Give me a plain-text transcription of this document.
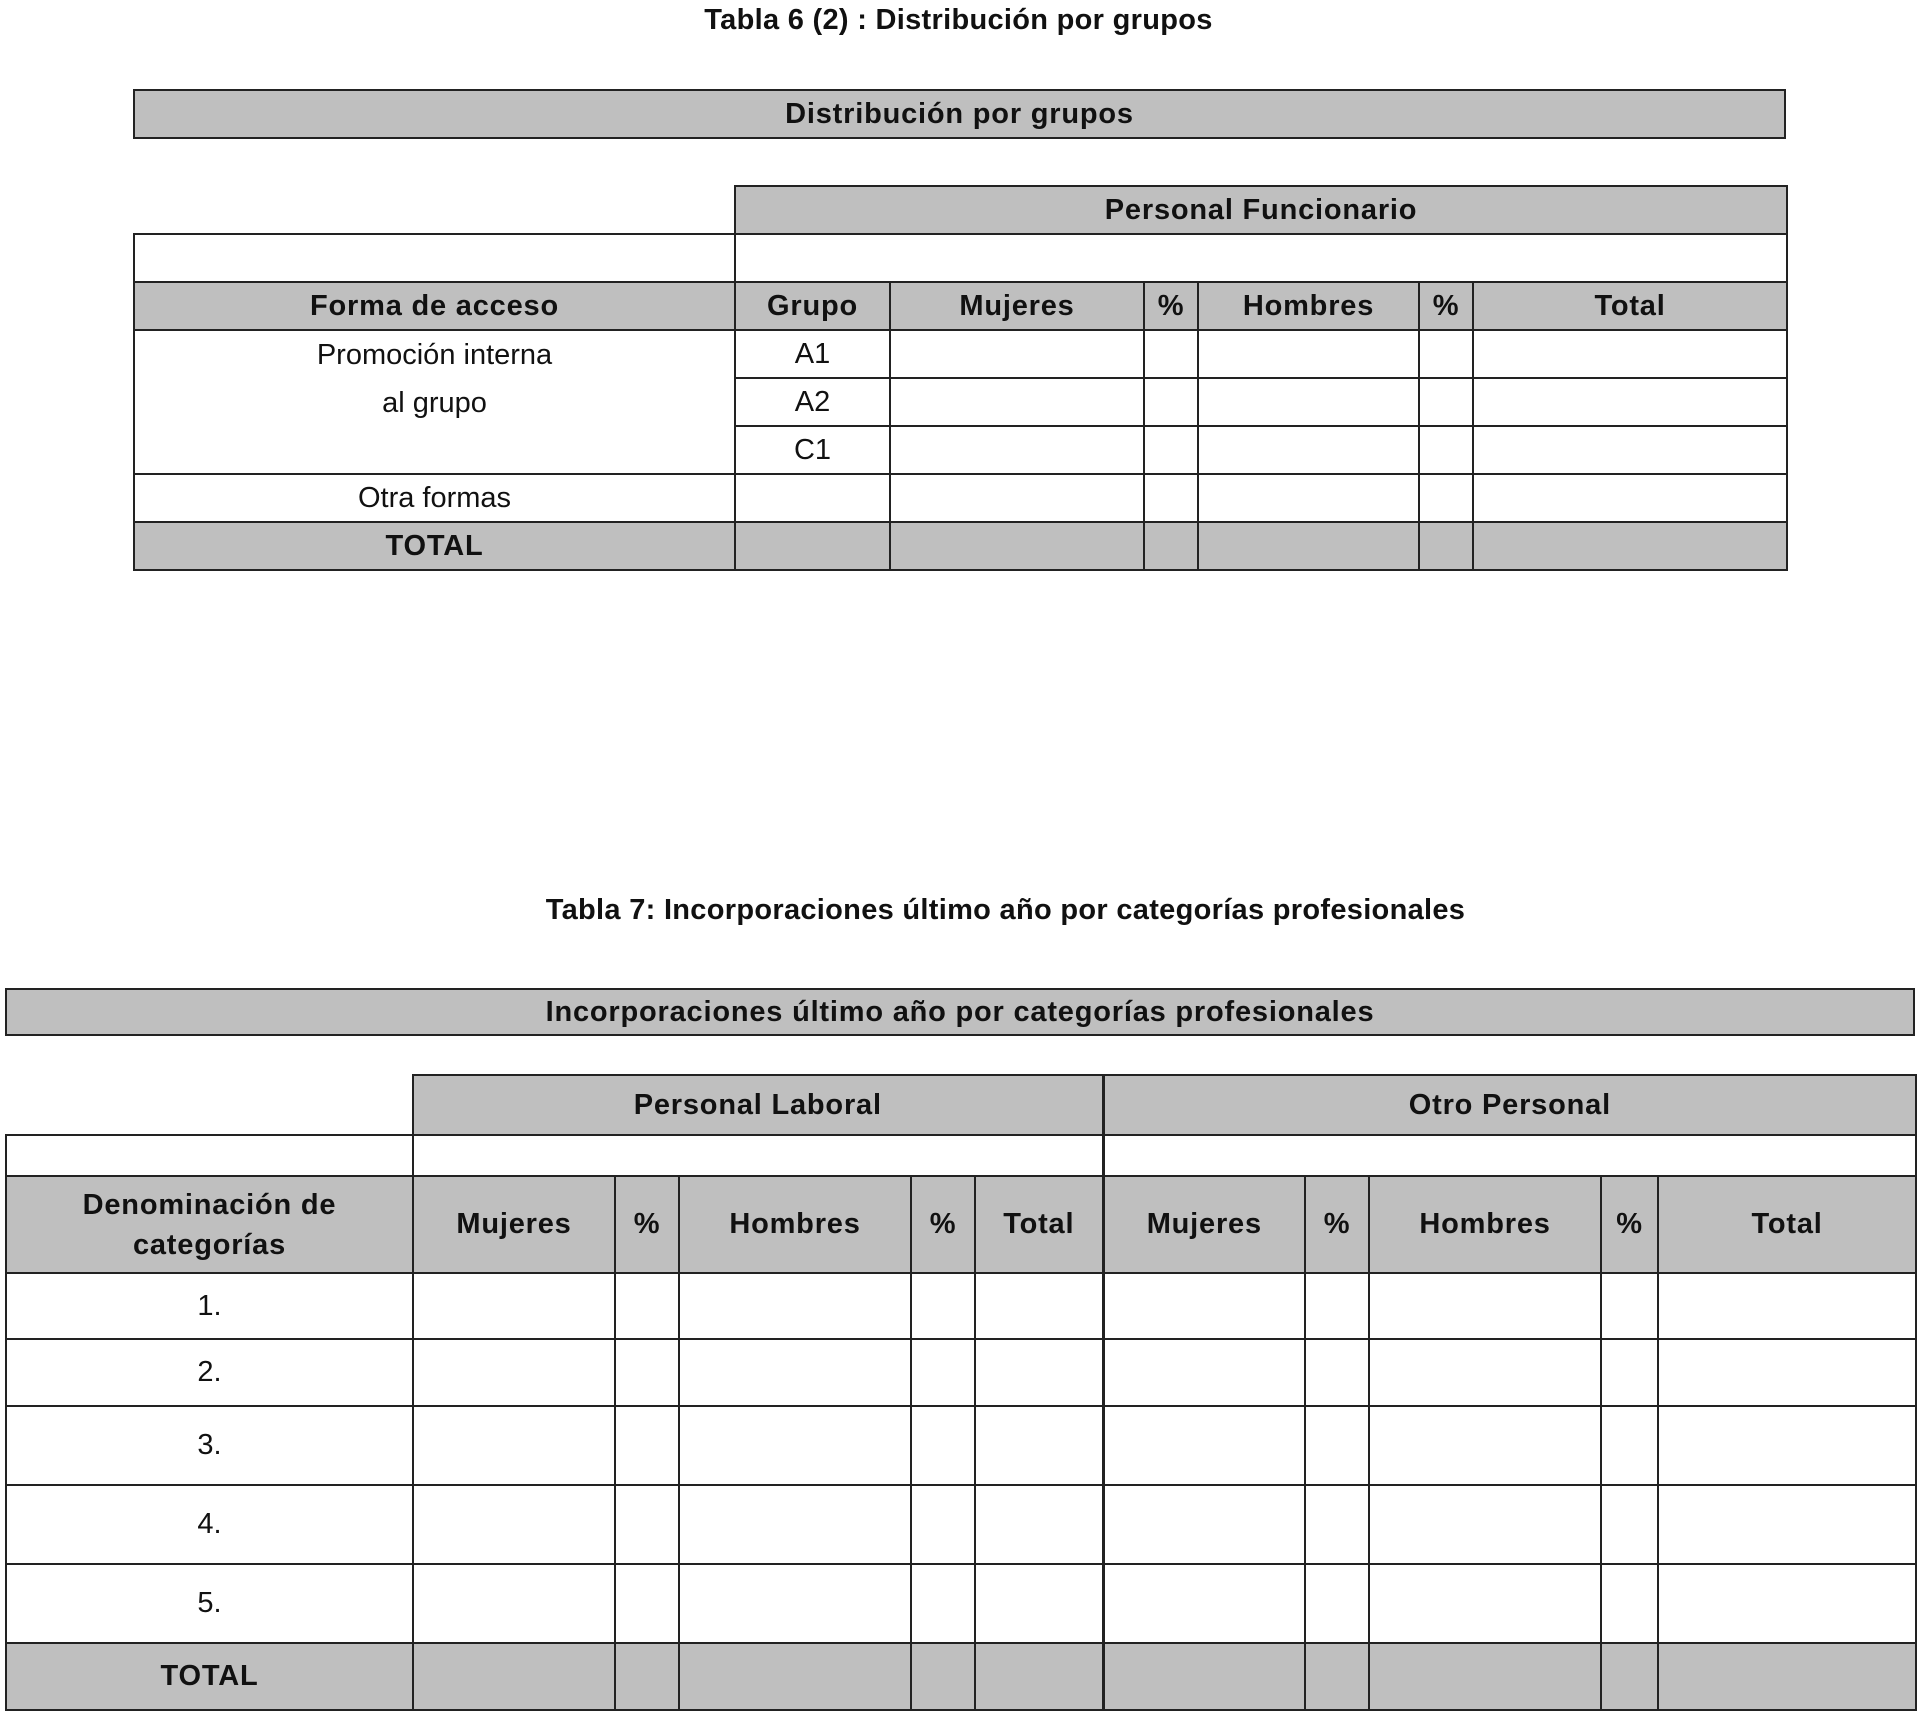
Tabla 6 (2) : Distribución por grupos
Distribución por grupos
	Personal Funcionario					

Forma de acceso	Grupo	Mujeres	%	Hombres	%	Total

Promoción interna
al grupo	A1					
	A2					
	C1					
Otra formas						
TOTAL						
Tabla 7: Incorporaciones último año por categorías profesionales
Incorporaciones último año por categorías profesionales
	Personal Laboral					Otro Personal				

Denominación de
categorías	Mujeres	%	Hombres	%	Total	Mujeres	%	Hombres	%	Total
1.										
2.										
3.										
4.										
5.										
TOTAL										
